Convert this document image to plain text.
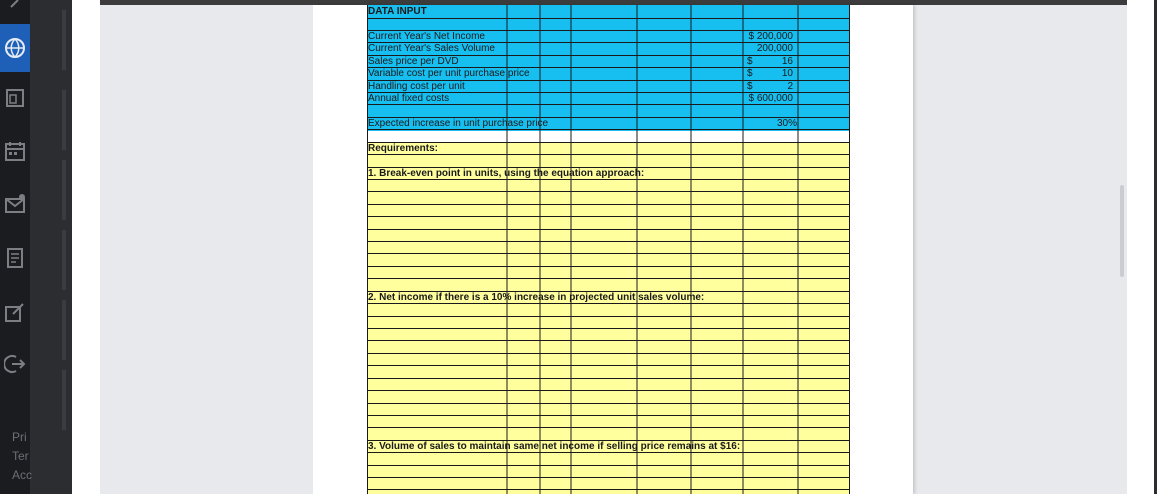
Pri
Ter
Acc
DATA INPUT
Current Year's Net Income	$ 200,000
Current Year's Sales Volume	200,000
Sales price per DVD	$	16
Variable cost per unit purchase price	$	10
Handling cost per unit	$	2
Annual fixed costs	$ 600,000
Expected increase in unit purchase price	30%
Requirements:
1. Break-even point in units, using the equation approach:
2. Net income if there is a 10% increase in projected unit sales volume:
3. Volume of sales to maintain same net income if selling price remains at $16:
